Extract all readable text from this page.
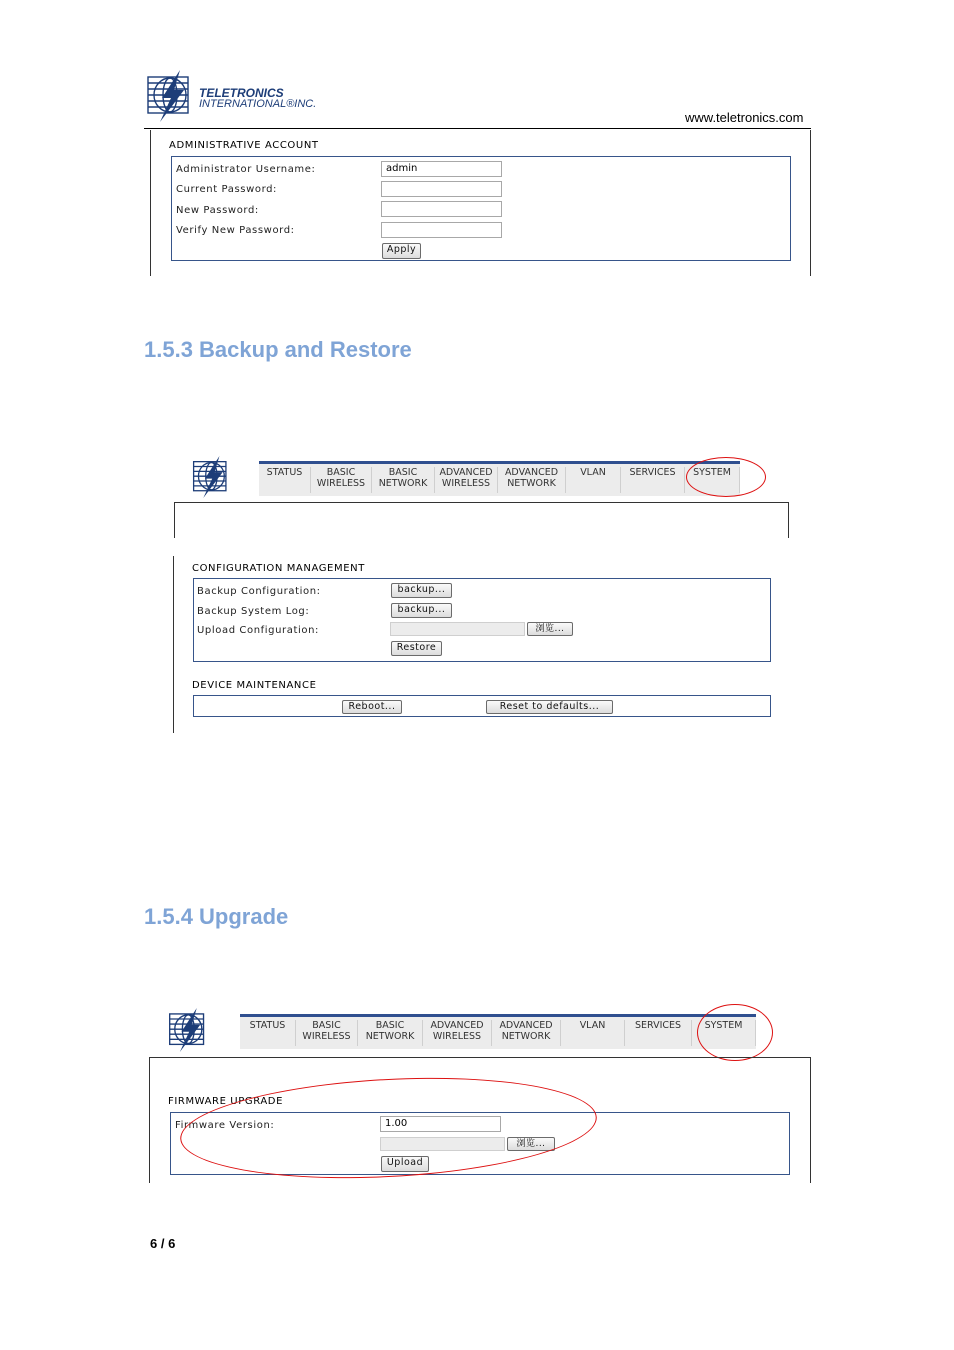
TELETRONICS
INTERNATIONAL®INC.
www.teletronics.com
ADMINISTRATIVE ACCOUNT
Administrator Username:	admin
Current Password:
New Password:
Verify New Password:
Apply
1.5.3 Backup and Restore
STATUS	BASIC
WIRELESS
BASIC
NETWORK
ADVANCED
WIRELESS
ADVANCED
NETWORK
VLAN	SERVICES	SYSTEM
CONFIGURATION MANAGEMENT
Backup Configuration:	backup...
Backup System Log:	backup...
Upload Configuration:	浏览...
Restore
DEVICE MAINTENANCE
Reboot...	Reset to defaults...
1.5.4 Upgrade
STATUS	BASIC
WIRELESS
BASIC
NETWORK
ADVANCED
WIRELESS
ADVANCED
NETWORK
VLAN	SERVICES	SYSTEM
FIRMWARE UPGRADE
Firmware Version:	1.00
浏览...
Upload
6 / 6
